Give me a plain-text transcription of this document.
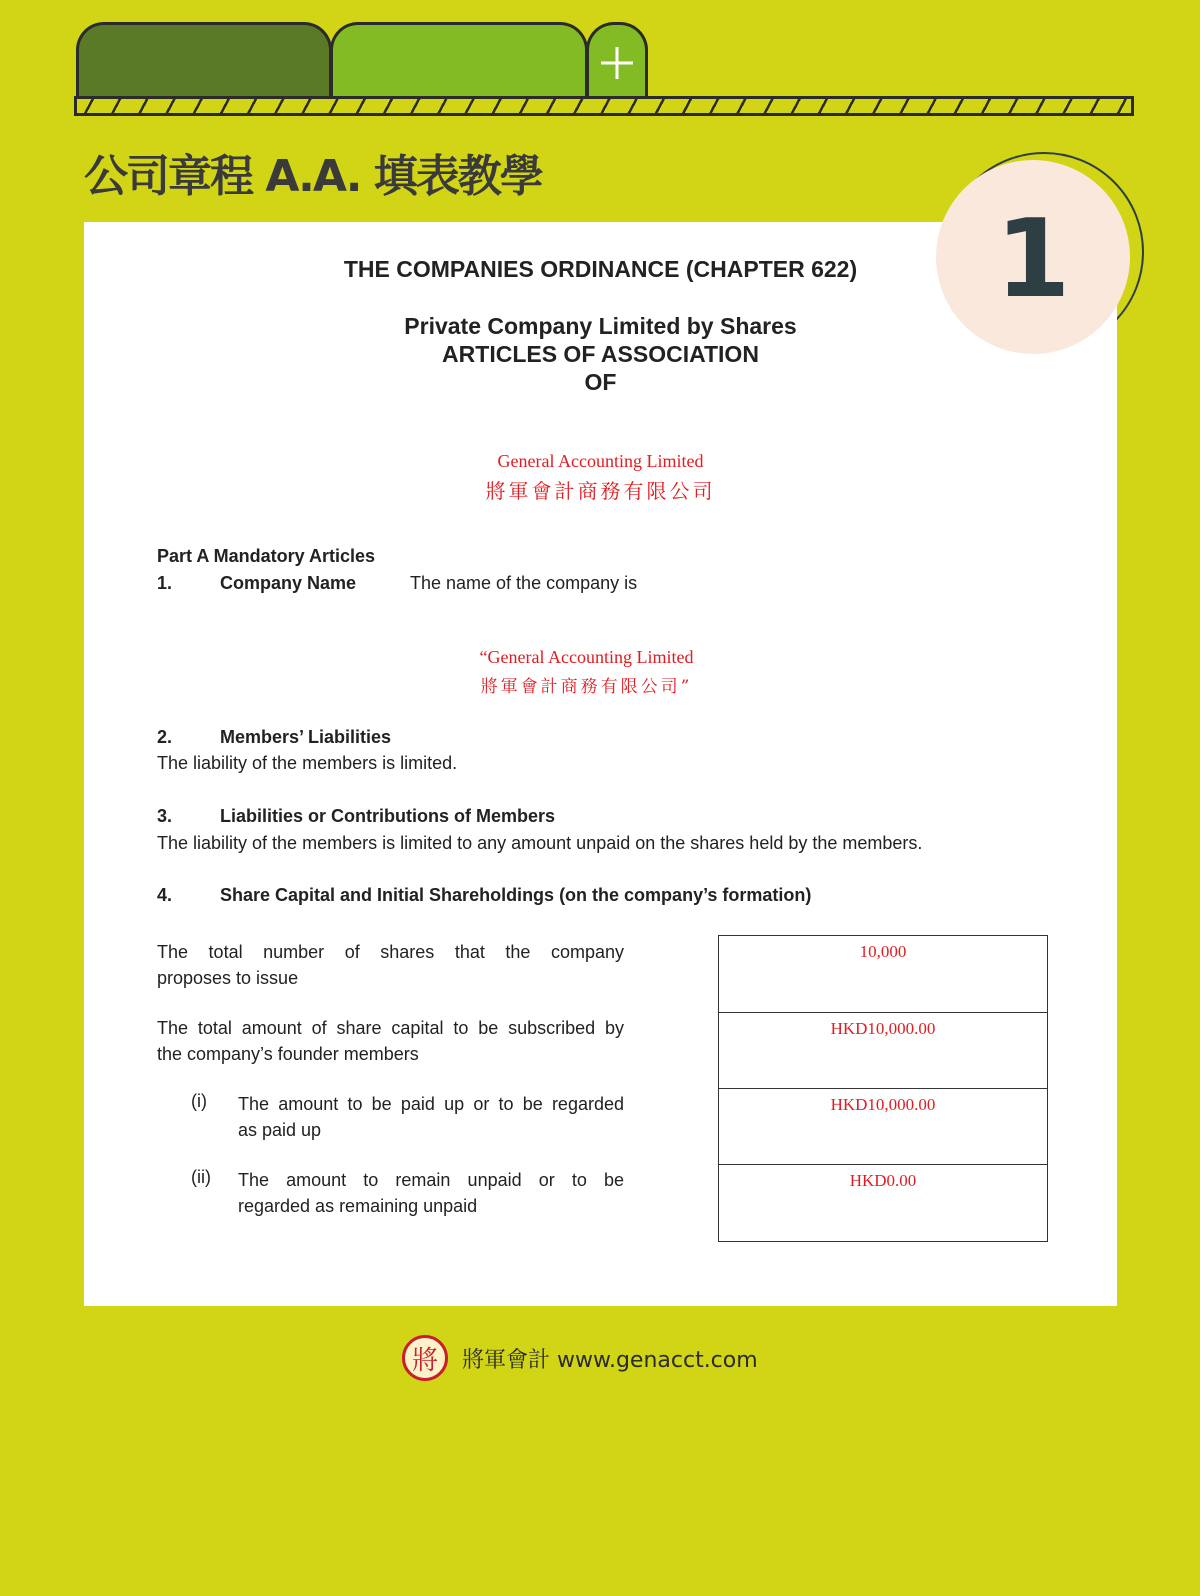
公司章程 A.A. 填表教學
1
THE COMPANIES ORDINANCE (CHAPTER 622)
Private Company Limited by Shares
ARTICLES OF ASSOCIATION
OF
General Accounting Limited
將軍會計商務有限公司
Part A Mandatory Articles
1.	Company Name	The name of the company is
“General Accounting Limited
將軍會計商務有限公司”
2.	Members’ Liabilities
The liability of the members is limited.
3.	Liabilities or Contributions of Members
The liability of the members is limited to any amount unpaid on the shares held by the members.
4.	Share Capital and Initial Shareholdings (on the company’s formation)
The total number of shares that the company
proposes to issue
10,000
The total amount of share capital to be subscribed by
the company’s founder members
HKD10,000.00
(i) The amount to be paid up or to be regarded
as paid up
HKD10,000.00
(ii) The amount to remain unpaid or to be
regarded as remaining unpaid
HKD0.00
將	將軍會計 www.genacct.com
